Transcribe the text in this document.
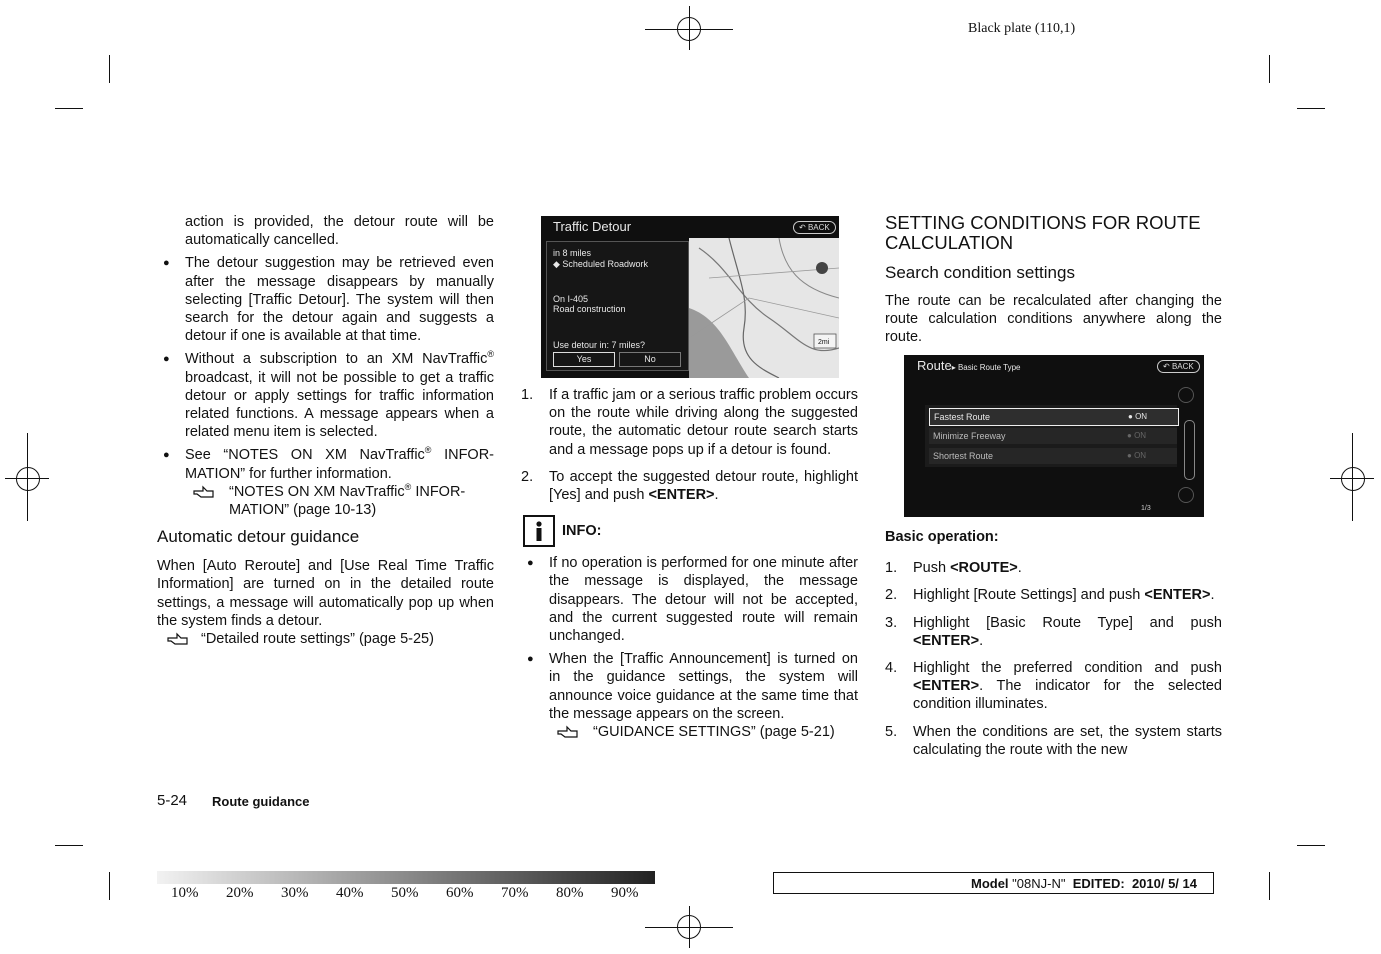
Black plate (110,1)

action is provided, the detour route will be automatically cancelled.

● The detour suggestion may be retrieved even after the message disappears by manually selecting [Traffic Detour]. The system will then search for the detour again and suggests a detour if one is available at that time.

● Without a subscription to an XM NavTraffic® broadcast, it will not be possible to get a traffic detour or apply settings for traffic information related functions. A message appears when a related menu item is selected.

● See “NOTES ON XM NavTraffic® INFOR-MATION” for further information.

“NOTES ON XM NavTraffic® INFOR-MATION” (page 10-13)

Automatic detour guidance

When [Auto Reroute] and [Use Real Time Traffic Information] are turned on in the detailed route settings, a message will automatically pop up when the system finds a detour.

“Detailed route settings” (page 5-25)

Traffic Detour	↶ BACK
in 8 miles
◆ Scheduled Roadwork
On I-405
Road construction
Use detour in: 7 miles?
Yes	No
2mi

1. If a traffic jam or a serious traffic problem occurs on the route while driving along the suggested route, the automatic detour route search starts and a message pops up if a detour is found.

2. To accept the suggested detour route, highlight [Yes] and push <ENTER>.

INFO:

● If no operation is performed for one minute after the message is displayed, the message disappears. The detour will not be accepted, and the current suggested route will remain unchanged.

● When the [Traffic Announcement] is turned on in the guidance settings, the system will announce voice guidance at the same time that the message appears on the screen.

“GUIDANCE SETTINGS” (page 5-21)

SETTING CONDITIONS FOR ROUTE CALCULATION

Search condition settings

The route can be recalculated after changing the route calculation conditions anywhere along the route.

Route▸ Basic Route Type	↶ BACK
Fastest Route	● ON
Minimize Freeway	● ON
Shortest Route	● ON
1/3

Basic operation:

1. Push <ROUTE>.

2. Highlight [Route Settings] and push <ENTER>.

3. Highlight [Basic Route Type] and push <ENTER>.

4. Highlight the preferred condition and push <ENTER>. The indicator for the selected condition illuminates.

5. When the conditions are set, the system starts calculating the route with the new

5-24 Route guidance
10% 20% 30% 40% 50% 60% 70% 80% 90%
Model "08NJ-N" EDITED: 2010/ 5/ 14
